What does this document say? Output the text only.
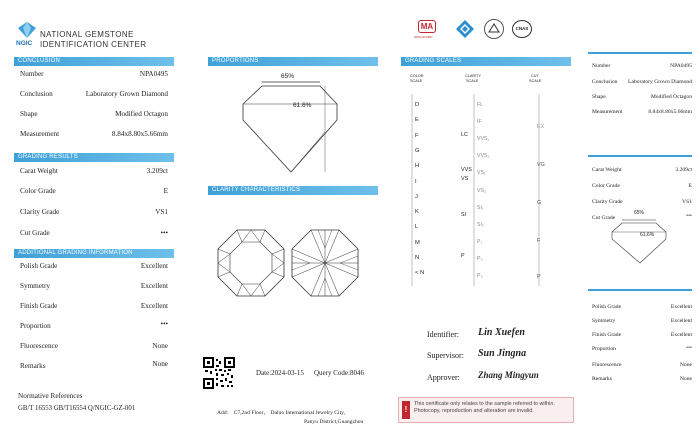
NGIC
NATIONAL GEMSTONE
IDENTIFICATION CENTER
CONCLUSION
Number	NPA0495
Conclusion	Laboratory Grown Diamond
Shape	Modified Octagon
Measurement	8.84x8.80x5.66mm
GRADING RESULTS
Carat Weight	3.209ct
Color Grade	E
Clarity Grade	VS1
Cut Grade	•••
ADDITIONAL GRADING INFORMATION
Polish Grade	Excellent
Symmetry	Excellent
Finish Grade	Excellent
Proportion	•••
Fluorescence	None
Remarks	None
Normative References
GB/T 16553 GB/T16554 Q/NGIC-GZ-001
PROPORTIONS
65%
61.6%
CLARITY CHARACTERISTICS
Date:2024-03-15 Query Code:8046
Add： C7,2nd Floor， Daluo International Jewelry City,
Panyu District,Guangzhou
GRADING SCALES
COLOR
SCALE
CLARITY
SCALE
CUT
SCALE
D
E
F
G
H
I
J
K
L
M
N
< N
LC
VVS
VS
SI
P
FL
IF
VVS₁
VVS₂
VS₁
VS₂
SI₁
SI₂
P₁
P₂
P₃
EX
VG
G
F
P
Identifier: Lin Xuefen
Supervisor: Sun Jingna
Approver: Zhang Mingyun
!
This certificate only relates to the sample referred to within. Photocopy, reproduction and alteration are invalid.
MA
2023-00-0987
CNAS
Number	NPA0495
Conclusion Laboratory Grown Diamond
Shape	Modified Octagon
Measurement	8.84x8.80x5.66mm
Carat Weight	3.209ct
Color Grade	E
Clarity Grade	VS1
Cut Grade	•••
65%
61.6%
Polish Grade	Excellent
Symmetry	Excellent
Finish Grade	Excellent
Proportion	•••
Fluorescence	None
Remarks	None
